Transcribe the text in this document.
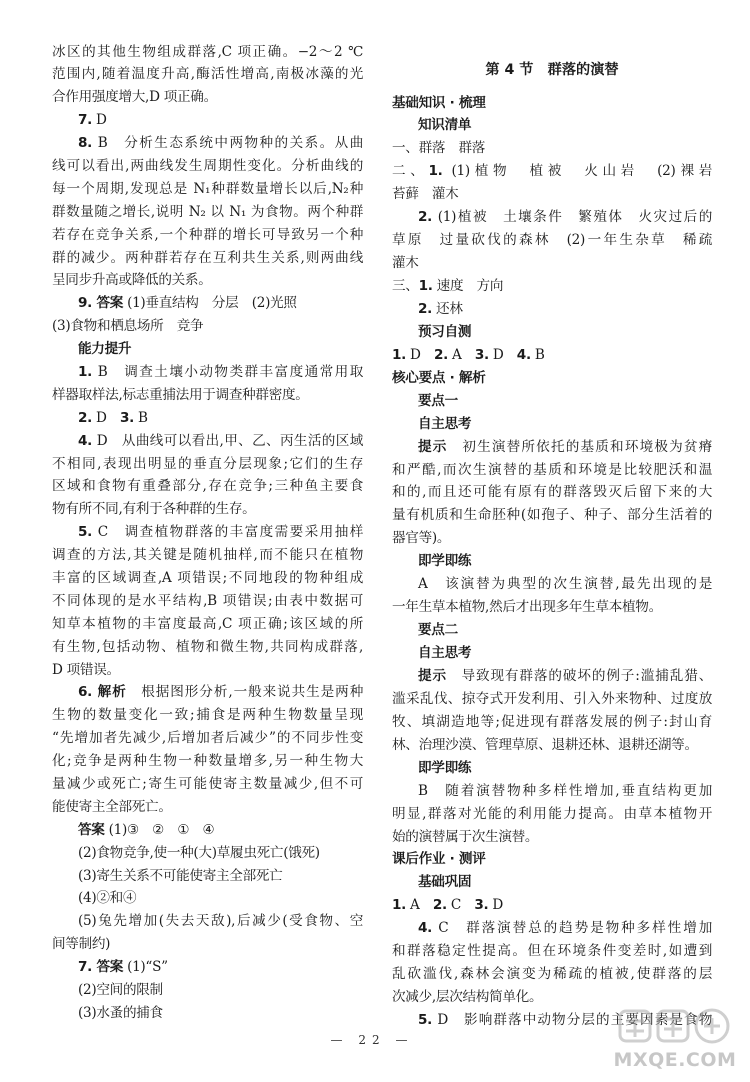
冰区的其他生物组成群落,C 项正确。−2～2 ℃
范围内,随着温度升高,酶活性增高,南极冰藻的光
合作用强度增大,D 项正确。
7. D
8. B　分析生态系统中两物种的关系。从曲
线可以看出,两曲线发生周期性变化。分析曲线的
每一个周期,发现总是 N₁种群数量增长以后,N₂种
群数量随之增长,说明 N₂ 以 N₁ 为食物。两个种群
若存在竞争关系,一个种群的增长可导致另一个种
群的减少。两种群若存在互利共生关系,则两曲线
呈同步升高或降低的关系。
9. 答案 (1)垂直结构　分层　(2)光照
(3)食物和栖息场所　竞争
能力提升
1. B　调查土壤小动物类群丰富度通常用取
样器取样法,标志重捕法用于调查种群密度。
2. D　3. B
4. D　从曲线可以看出,甲、乙、丙生活的区域
不相同,表现出明显的垂直分层现象;它们的生存
区域和食物有重叠部分,存在竞争;三种鱼主要食
物有所不同,有利于各种群的生存。
5. C　调查植物群落的丰富度需要采用抽样
调查的方法,其关键是随机抽样,而不能只在植物
丰富的区域调查,A 项错误;不同地段的物种组成
不同体现的是水平结构,B 项错误;由表中数据可
知草本植物的丰富度最高,C 项正确;该区域的所
有生物,包括动物、植物和微生物,共同构成群落,
D 项错误。
6. 解析　根据图形分析,一般来说共生是两种
生物的数量变化一致;捕食是两种生物数量呈现
“先增加者先减少,后增加者后减少”的不同步性变
化;竞争是两种生物一种数量增多,另一种生物大
量减少或死亡;寄生可能使寄主数量减少,但不可
能使寄主全部死亡。
答案 (1)③　②　①　④
(2)食物竞争,使一种(大)草履虫死亡(饿死)
(3)寄生关系不可能使寄主全部死亡
(4)②和④
(5)兔先增加(失去天敌),后减少(受食物、空
间等制约)
7. 答案 (1)“S”
(2)空间的限制
(3)水蚤的捕食
第 4 节　群落的演替
基础知识 · 梳理
知识清单
一、群落　群落
二、1. (1)植物　植被　火山岩　(2)裸岩
苔藓　灌木
2. (1)植被　土壤条件　繁殖体　火灾过后的
草原　过量砍伐的森林　(2)一年生杂草　稀疏
灌木
三、1. 速度　方向
2. 还林
预习自测
1. D　2. A　3. D　4. B
核心要点 · 解析
要点一
自主思考
提示　初生演替所依托的基质和环境极为贫瘠
和严酷,而次生演替的基质和环境是比较肥沃和温
和的,而且还可能有原有的群落毁灭后留下来的大
量有机质和生命胚种(如孢子、种子、部分生活着的
器官等)。
即学即练
A　该演替为典型的次生演替,最先出现的是
一年生草本植物,然后才出现多年生草本植物。
要点二
自主思考
提示　导致现有群落的破坏的例子:滥捕乱猎、
滥采乱伐、掠夺式开发利用、引入外来物种、过度放
牧、填湖造地等;促进现有群落发展的例子:封山育
林、治理沙漠、管理草原、退耕还林、退耕还湖等。
即学即练
B　随着演替物种多样性增加,垂直结构更加
明显,群落对光能的利用能力提高。由草本植物开
始的演替属于次生演替。
课后作业 · 测评
基础巩固
1. A　2. C　3. D
4. C　群落演替总的趋势是物种多样性增加
和群落稳定性提高。但在环境条件变差时,如遭到
乱砍滥伐,森林会演变为稀疏的植被,使群落的层
次减少,层次结构简单化。
5. D　影响群落中动物分层的主要因素是食物
— 22 —
MXQE.COM
